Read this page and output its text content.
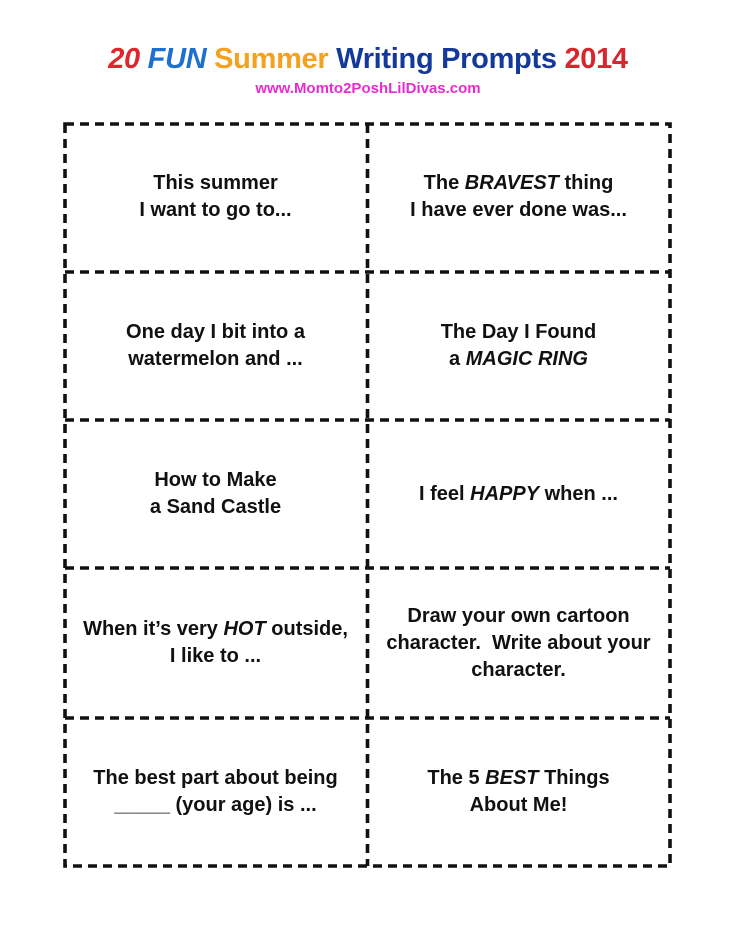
20 FUN Summer Writing Prompts 2014
www.Momto2PoshLilDivas.com
This summer
I want to go to...
The BRAVEST thing
I have ever done was...
One day I bit into a
watermelon and ...
The Day I Found
a MAGIC RING
How to Make
a Sand Castle
I feel HAPPY when ...
When it’s very HOT outside,
I like to ...
Draw your own cartoon
character.  Write about your
character.
The best part about being
_____ (your age) is ...
The 5 BEST Things
About Me!
